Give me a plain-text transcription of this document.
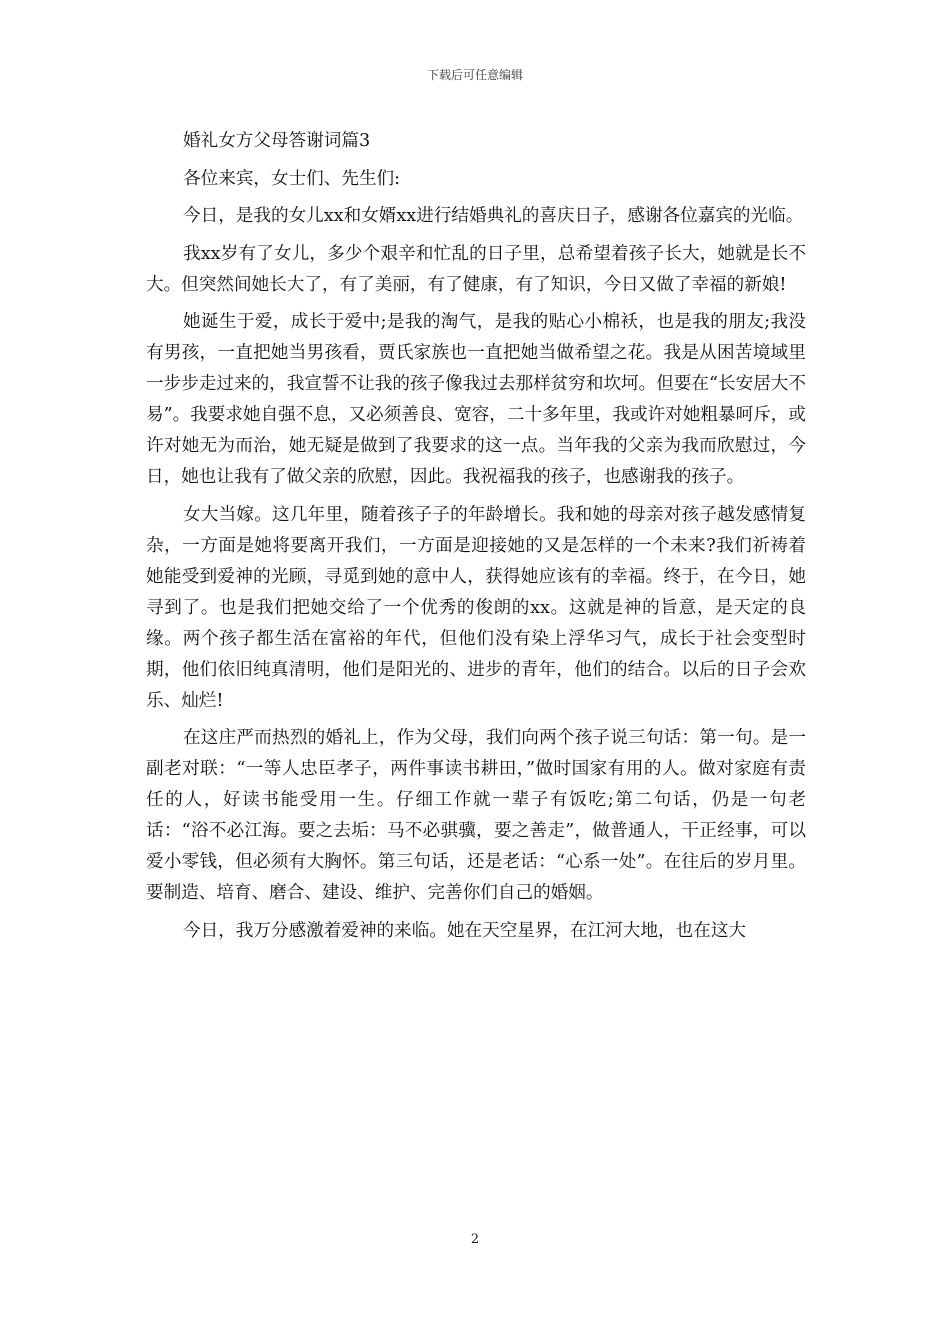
下载后可任意编辑

婚礼女方父母答谢词篇3

各位来宾，女士们、先生们:

今日，是我的女儿xx和女婿xx进行结婚典礼的喜庆日子，感谢各位嘉宾的光临。

我xx岁有了女儿，多少个艰辛和忙乱的日子里，总希望着孩子长大，她就是长不大。但突然间她长大了，有了美丽，有了健康，有了知识，今日又做了幸福的新娘!

她诞生于爱，成长于爱中;是我的淘气，是我的贴心小棉袄，也是我的朋友;我没有男孩，一直把她当男孩看，贾氏家族也一直把她当做希望之花。我是从困苦境域里一步步走过来的，我宣誓不让我的孩子像我过去那样贫穷和坎坷。但要在“长安居大不易”。我要求她自强不息，又必须善良、宽容，二十多年里，我或许对她粗暴呵斥，或许对她无为而治，她无疑是做到了我要求的这一点。当年我的父亲为我而欣慰过，今日，她也让我有了做父亲的欣慰，因此。我祝福我的孩子，也感谢我的孩子。

女大当嫁。这几年里，随着孩子子的年龄增长。我和她的母亲对孩子越发感情复杂，一方面是她将要离开我们，一方面是迎接她的又是怎样的一个未来?我们祈祷着她能受到爱神的光顾，寻觅到她的意中人，获得她应该有的幸福。终于，在今日，她寻到了。也是我们把她交给了一个优秀的俊朗的xx。这就是神的旨意，是天定的良缘。两个孩子都生活在富裕的年代，但他们没有染上浮华习气，成长于社会变型时期，他们依旧纯真清明，他们是阳光的、进步的青年，他们的结合。以后的日子会欢乐、灿烂!

在这庄严而热烈的婚礼上，作为父母，我们向两个孩子说三句话：第一句。是一副老对联：“一等人忠臣孝子，两件事读书耕田，”做时国家有用的人。做对家庭有责任的人，好读书能受用一生。仔细工作就一辈子有饭吃;第二句话，仍是一句老话：“浴不必江海。要之去垢：马不必骐骥，要之善走”，做普通人，干正经事，可以爱小零钱，但必须有大胸怀。第三句话，还是老话：“心系一处”。在往后的岁月里。要制造、培育、磨合、建设、维护、完善你们自己的婚姻。

今日，我万分感激着爱神的来临。她在天空星界，在江河大地，也在这大

2
